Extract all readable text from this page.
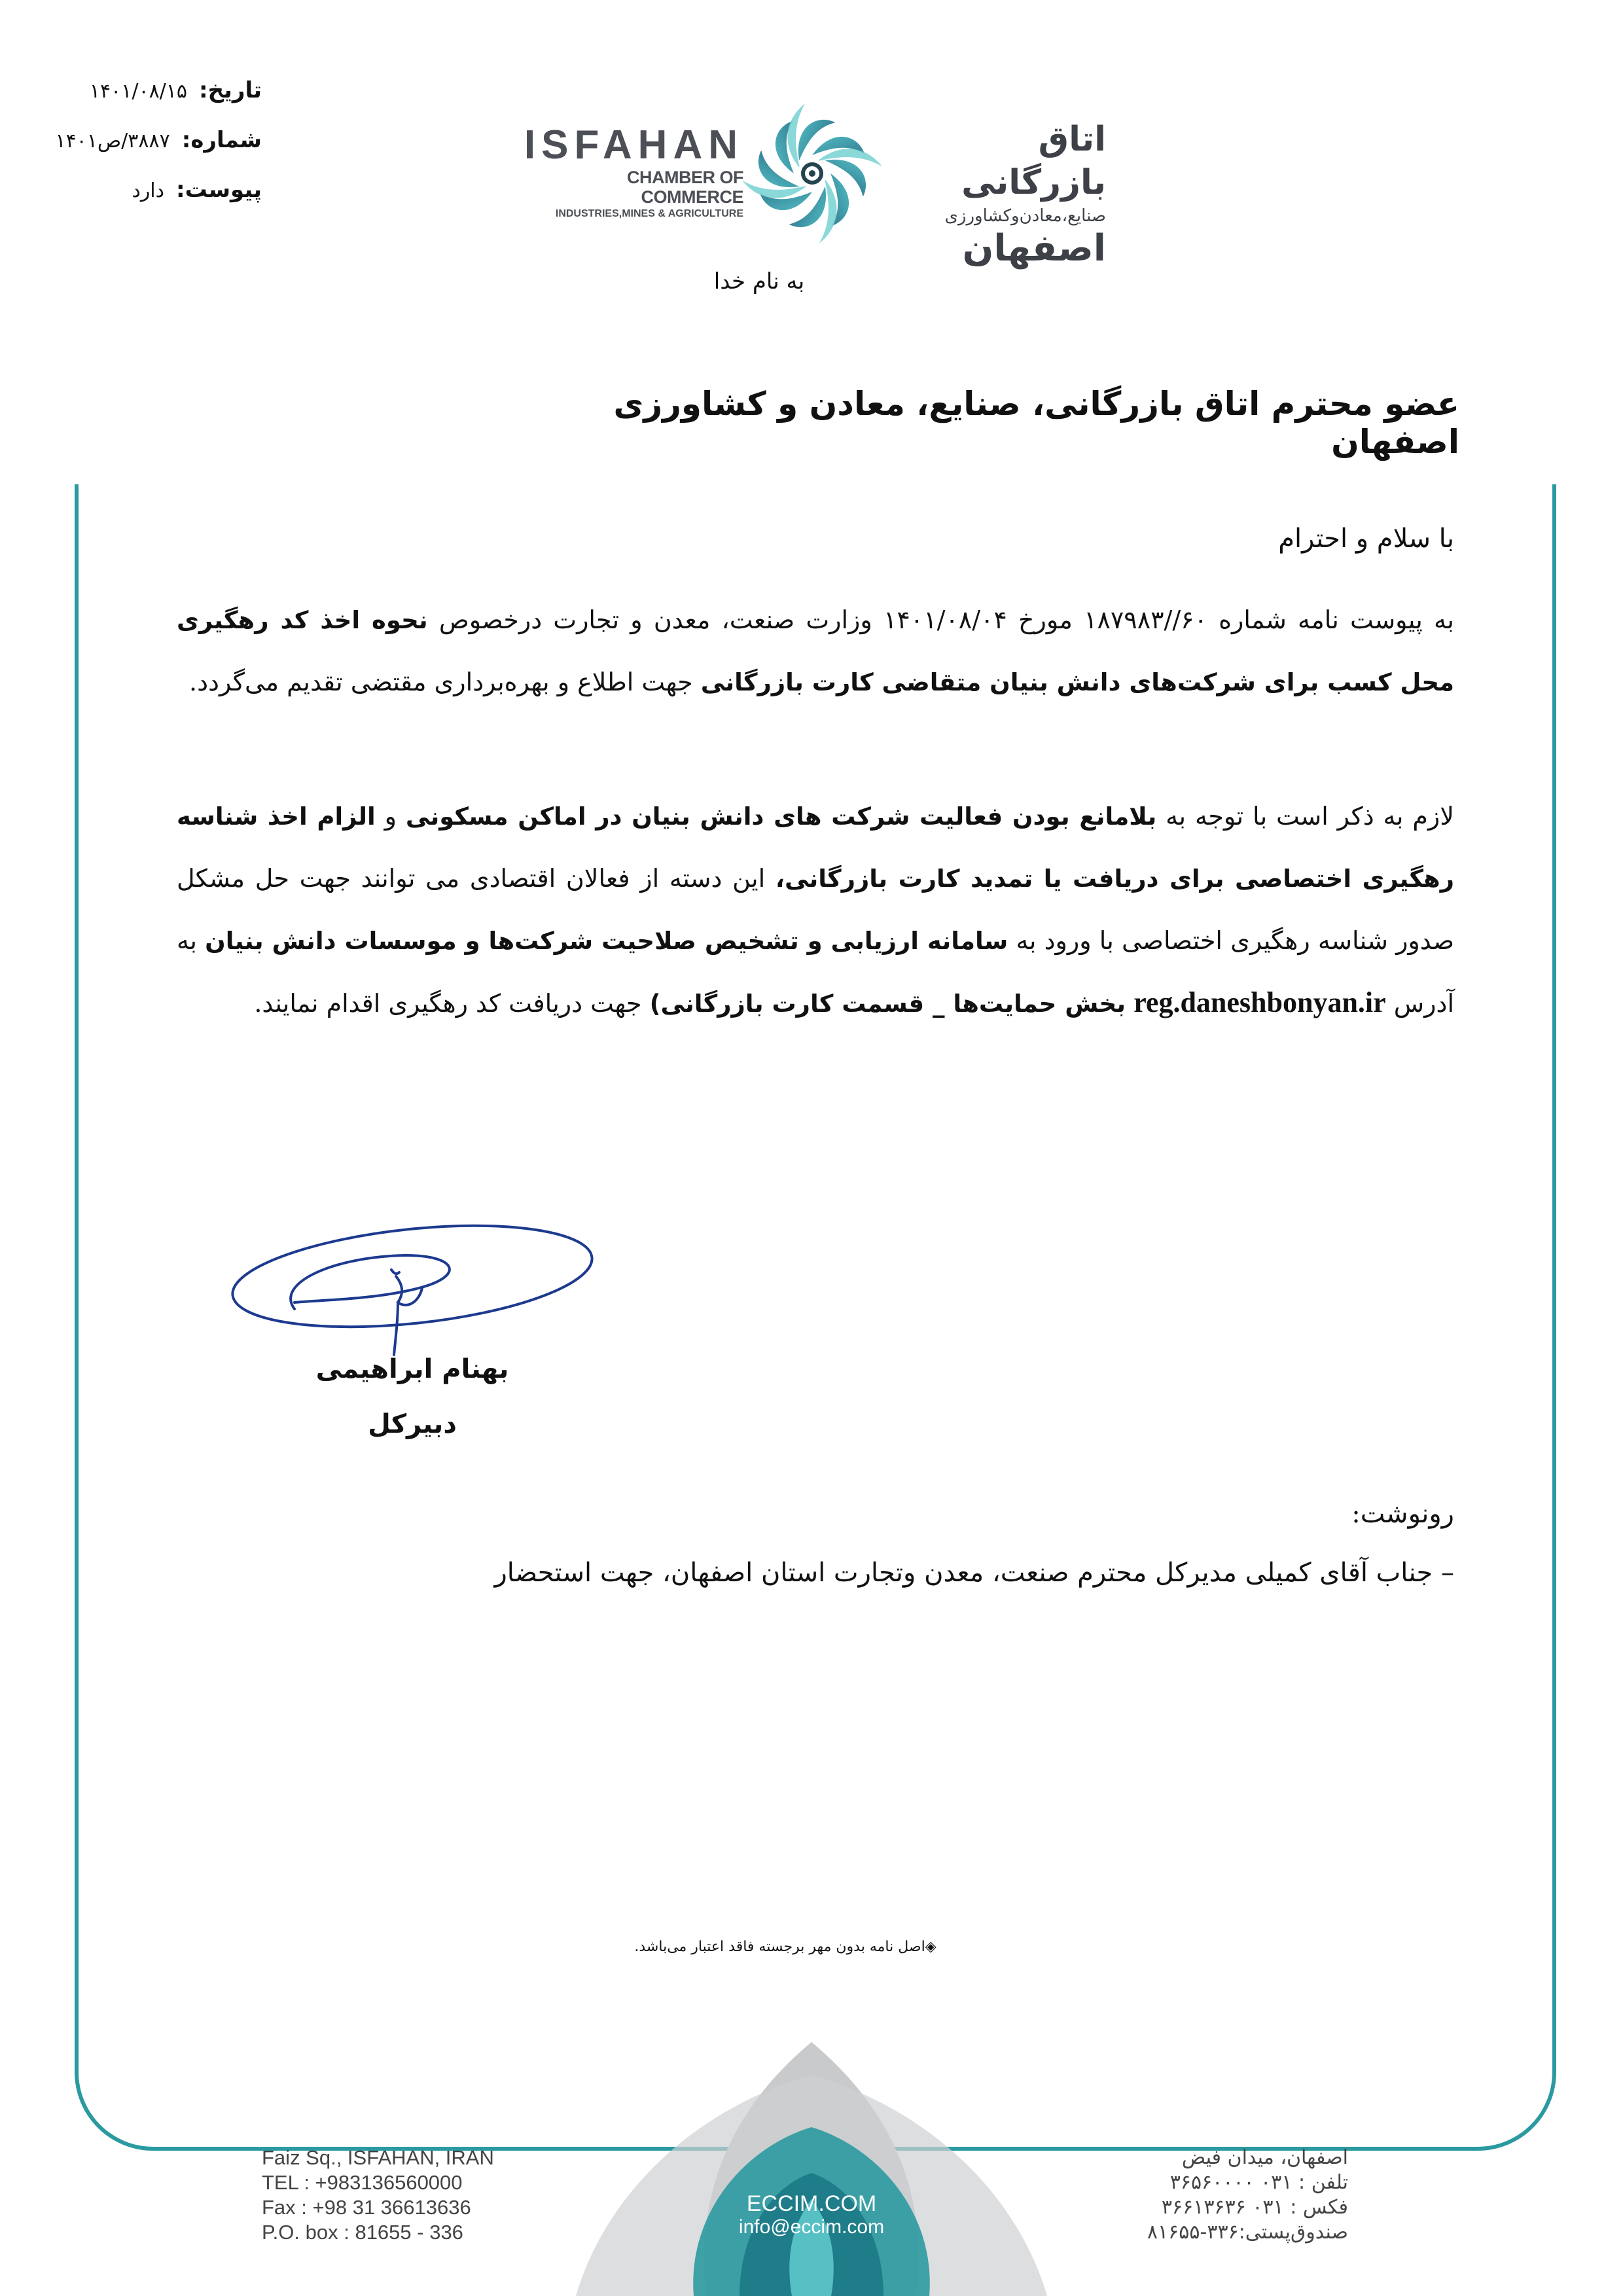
تاریخ:۱۴۰۱/۰۸/۱۵
شماره:۳۸۸۷/ص۱۴۰۱
پیوست:دارد
ISFAHAN
CHAMBER OF COMMERCE
INDUSTRIES,MINES & AGRICULTURE
اتاق بازرگانی
صنایع،معادن‌وکشاورزی
اصفهان
به نام خدا
عضو محترم اتاق بازرگانی، صنایع، معادن و کشاورزی اصفهان
با سلام و احترام
به پیوست نامه شماره ۶۰//۱۸۷۹۸۳ مورخ ۱۴۰۱/۰۸/۰۴ وزارت صنعت، معدن و تجارت درخصوص نحوه اخذ کد رهگیری محل کسب برای شرکت‌های دانش بنیان متقاضی کارت بازرگانی جهت اطلاع و بهره‌برداری مقتضی تقدیم می‌گردد.
لازم به ذکر است با توجه به بلامانع بودن فعالیت شرکت های دانش بنیان در اماکن مسکونی و الزام اخذ شناسه رهگیری اختصاصی برای دریافت یا تمدید کارت بازرگانی، این دسته از فعالان اقتصادی می توانند جهت حل مشکل صدور شناسه رهگیری اختصاصی با ورود به سامانه ارزیابی و تشخیص صلاحیت شرکت‌ها و موسسات دانش بنیان به آدرس reg.daneshbonyan.ir بخش حمایت‌ها _ قسمت کارت بازرگانی) جهت دریافت کد رهگیری اقدام نمایند.
بهنام ابراهیمی
دبیرکل
رونوشت:
– جناب آقای کمیلی مدیرکل محترم صنعت، معدن وتجارت استان اصفهان، جهت استحضار
◈اصل نامه بدون مهر برجسته فاقد اعتبار می‌باشد.
ECCIM.COM
info@eccim.com
Faiz Sq., ISFAHAN, IRAN
TEL : +983136560000
Fax : +98 31 36613636
P.O. box : 81655 - 336
اصفهان، میدان فیض
تلفن : ۰۳۱ ۳۶۵۶۰۰۰۰
فکس : ۰۳۱ ۳۶۶۱۳۶۳۶
صندوق‌پستی:۳۳۶-۸۱۶۵۵
